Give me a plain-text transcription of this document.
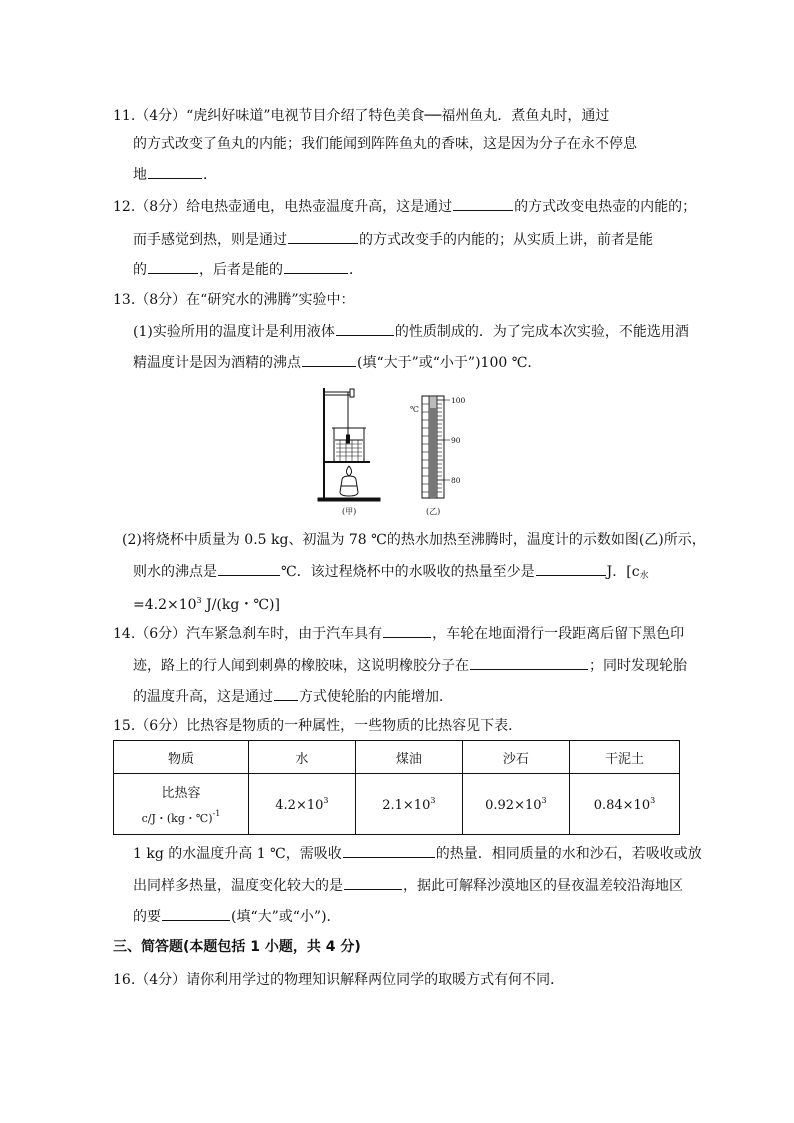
11.（4分）“虎纠好味道”电视节目介绍了特色美食──福州鱼丸．煮鱼丸时，通过
的方式改变了鱼丸的内能；我们能闻到阵阵鱼丸的香味，这是因为分子在永不停息
地	．
12.（8分）给电热壶通电，电热壶温度升高，这是通过	的方式改变电热壶的内能的；
而手感觉到热，则是通过	的方式改变手的内能的；从实质上讲，前者是能
的	，后者是能的	．
13.（8分）在“研究水的沸腾”实验中：
(1)实验所用的温度计是利用液体	的性质制成的．为了完成本次实验，不能选用酒
精温度计是因为酒精的沸点	(填“大于”或“小于”)100 ℃．
℃
100
90
80
(甲)	(乙)
(2)将烧杯中质量为 0.5 kg、初温为 78 ℃的热水加热至沸腾时，温度计的示数如图(乙)所示，
则水的沸点是	℃．该过程烧杯中的水吸收的热量至少是	J．[$c_水$
$=4.2\times 10^3$ J/(kg・℃)]
14.（6分）汽车紧急刹车时，由于汽车具有	，车轮在地面滑行一段距离后留下黑色印
迹，路上的行人闻到刺鼻的橡胶味，这说明橡胶分子在	；同时发现轮胎
的温度升高，这是通过 方式使轮胎的内能增加．
15.（6分）比热容是物质的一种属性，一些物质的比热容见下表．
物质	水	煤油	沙石	干泥土
比热容
c/J・(kg・℃)$^{-1}$	$4.2\times 10^3$	$2.1\times 10^3$	$0.92\times 10^3$	$0.84\times 10^3$
1 kg 的水温度升高 1 ℃，需吸收	的热量．相同质量的水和沙石，若吸收或放
出同样多热量，温度变化较大的是	，据此可解释沙漠地区的昼夜温差较沿海地区
的要	(填“大”或“小”)．
三、简答题(本题包括 1 小题，共 4 分)
16.（4分）请你利用学过的物理知识解释两位同学的取暖方式有何不同．
